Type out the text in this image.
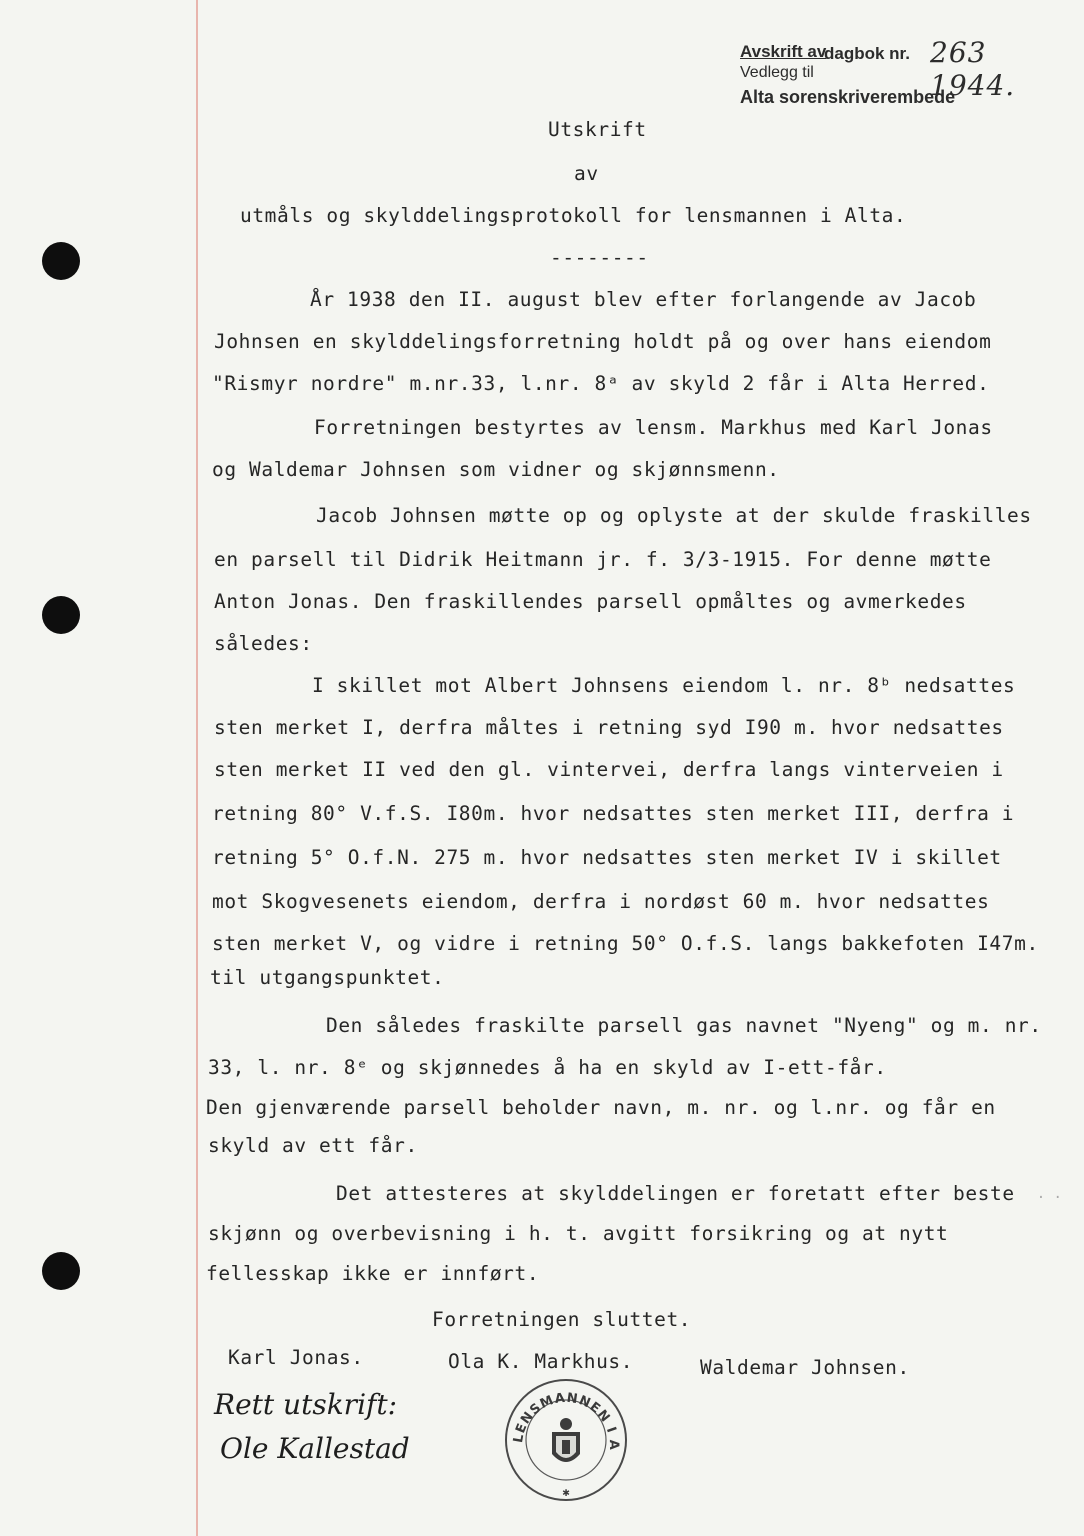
Avskrift av
dagbok nr. 263 1944.
Vedlegg til
Alta sorenskriverembede
Utskrift
av
utmåls og skylddelingsprotokoll for lensmannen i Alta.
--------
År 1938 den II. august blev efter forlangende av Jacob
Johnsen en skylddelingsforretning holdt på og over hans eiendom
"Rismyr nordre" m.nr.33, l.nr. 8ᵃ av skyld 2 får i Alta Herred.
Forretningen bestyrtes av lensm. Markhus med Karl Jonas
og Waldemar Johnsen som vidner og skjønnsmenn.
Jacob Johnsen møtte op og oplyste at der skulde fraskilles
en parsell til Didrik Heitmann jr. f. 3/3-1915. For denne møtte
Anton Jonas. Den fraskillendes parsell opmåltes og avmerkedes
således:
I skillet mot Albert Johnsens eiendom l. nr. 8ᵇ nedsattes
sten merket I, derfra måltes i retning syd I90 m. hvor nedsattes
sten merket II ved den gl. vintervei, derfra langs vinterveien i
retning 80° V.f.S. I80m. hvor nedsattes sten merket III, derfra i
retning 5° O.f.N. 275 m. hvor nedsattes sten merket IV i skillet
mot Skogvesenets eiendom, derfra i nordøst 60 m. hvor nedsattes
sten merket V, og vidre i retning 50° O.f.S. langs bakkefoten I47m.
til utgangspunktet.
Den således fraskilte parsell gas navnet "Nyeng" og m. nr.
33, l. nr. 8ᵉ og skjønnedes å ha en skyld av I-ett-får.
Den gjenværende parsell beholder navn, m. nr. og l.nr. og får en
skyld av ett får.
Det attesteres at skylddelingen er foretatt efter beste
skjønn og overbevisning i h. t. avgitt forsikring og at nytt
fellesskap ikke er innført.
Forretningen sluttet.
Karl Jonas.	Ola K. Markhus.	Waldemar Johnsen.
Rett utskrift:
Ole Kallestad	LENSMANNEN I A
✱
· ·
